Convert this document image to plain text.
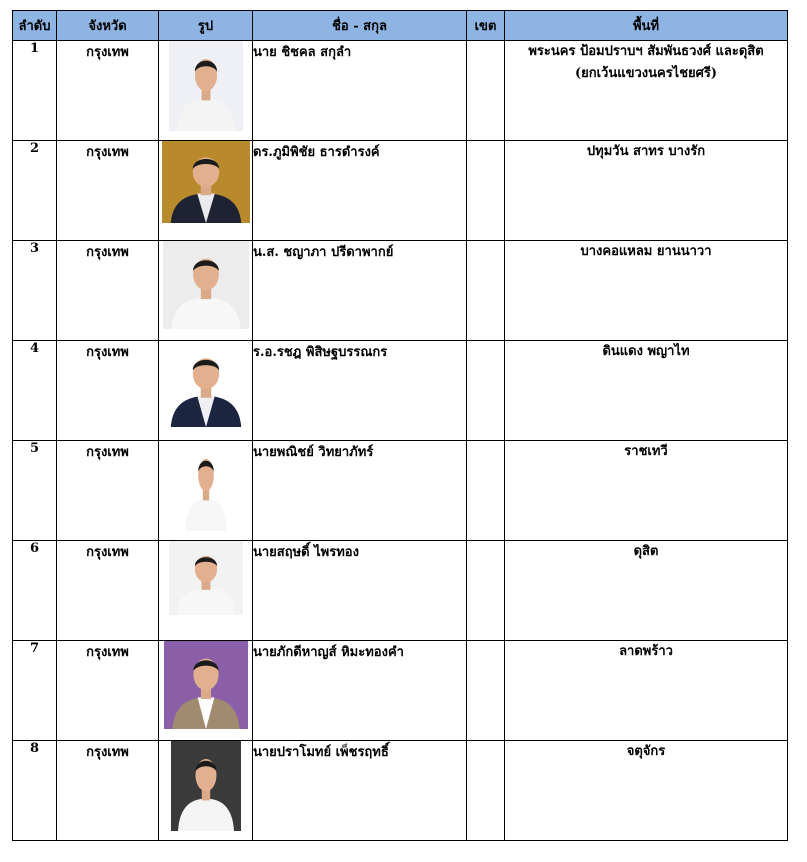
ลำดับ	จังหวัด	รูป	ชื่อ - สกุล	เขต	พื้นที่
1	กรุงเทพ		นาย ชิชคล สกุลำ		พระนคร ป้อมปราบฯ สัมพันธวงศ์ และดุสิต
(ยกเว้นแขวงนครไชยศรี)

2	กรุงเทพ		ดร.ภูมิพิชัย ธารดำรงค์		ปทุมวัน สาทร บางรัก

3	กรุงเทพ		น.ส. ชญาภา ปรีดาพากย์		บางคอแหลม ยานนาวา

4	กรุงเทพ		ร.อ.รชฎ พิสิษฐบรรณกร		ดินแดง พญาไท

5	กรุงเทพ		นายพณิชย์ วิทยาภัทร์		ราชเทวี

6	กรุงเทพ		นายสฤษดิ์ ไพรทอง		ดุสิต

7	กรุงเทพ		นายภักดีหาญส์ หิมะทองคำ		ลาดพร้าว

8	กรุงเทพ		นายปราโมทย์ เพ็ชรฤทธิ์		จตุจักร
